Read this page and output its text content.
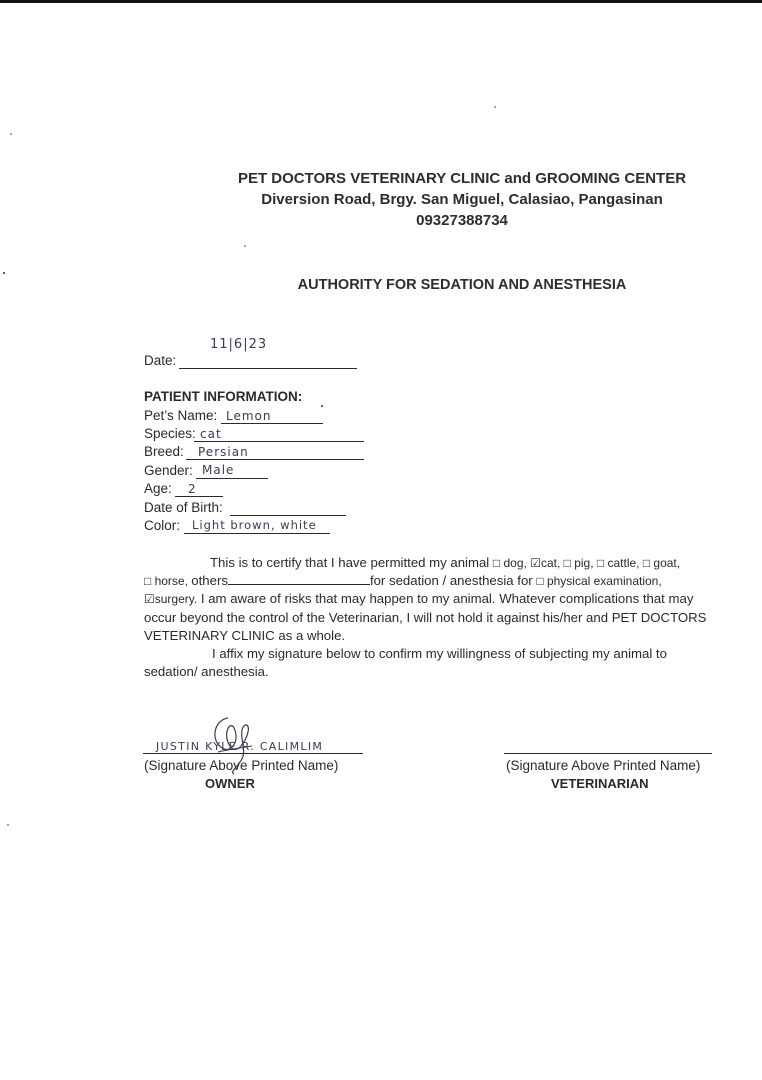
PET DOCTORS VETERINARY CLINIC and GROOMING CENTER
Diversion Road, Brgy. San Miguel, Calasiao, Pangasinan
09327388734
AUTHORITY FOR SEDATION AND ANESTHESIA
Date:
11|6|23
PATIENT INFORMATION:
Pet’s Name: Lemon
Species: cat
Breed: Persian
Gender: Male
Age: 2
Date of Birth:
Color: Light brown, white
This is to certify that I have permitted my animal □ dog, ☑cat, □ pig, □ cattle, □ goat,
□ horse, others	for sedation / anesthesia for □ physical examination,
☑surgery. I am aware of risks that may happen to my animal. Whatever complications that may
occur beyond the control of the Veterinarian, I will not hold it against his/her and PET DOCTORS
VETERINARY CLINIC as a whole.
I affix my signature below to confirm my willingness of subjecting my animal to
sedation/ anesthesia.
JUSTIN KYLE R. CALIMLIM
(Signature Above Printed Name)
OWNER
(Signature Above Printed Name)
VETERINARIAN
